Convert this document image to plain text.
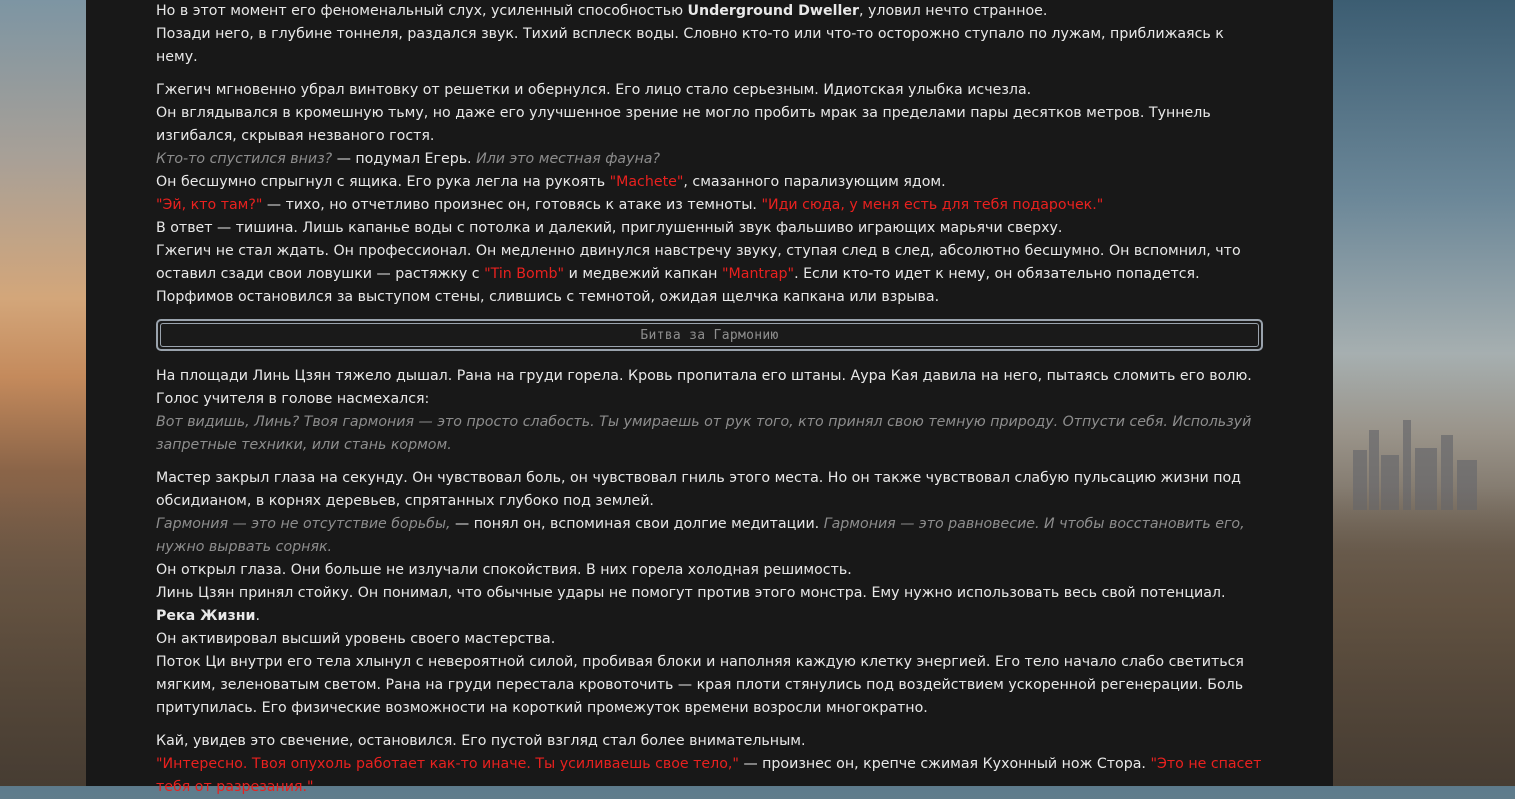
Но в этот момент его феноменальный слух, усиленный способностью Underground Dweller, уловил нечто странное.
Позади него, в глубине тоннеля, раздался звук. Тихий всплеск воды. Словно кто-то или что-то осторожно ступало по лужам, приближаясь к нему.

Гжегич мгновенно убрал винтовку от решетки и обернулся. Его лицо стало серьезным. Идиотская улыбка исчезла.
Он вглядывался в кромешную тьму, но даже его улучшенное зрение не могло пробить мрак за пределами пары десятков метров. Туннель изгибался, скрывая незваного гостя.
Кто-то спустился вниз? — подумал Егерь. Или это местная фауна?
Он бесшумно спрыгнул с ящика. Его рука легла на рукоять "Machete", смазанного парализующим ядом.
"Эй, кто там?" — тихо, но отчетливо произнес он, готовясь к атаке из темноты. "Иди сюда, у меня есть для тебя подарочек."
В ответ — тишина. Лишь капанье воды с потолка и далекий, приглушенный звук фальшиво играющих марьячи сверху.
Гжегич не стал ждать. Он профессионал. Он медленно двинулся навстречу звуку, ступая след в след, абсолютно бесшумно. Он вспомнил, что оставил сзади свои ловушки — растяжку с "Tin Bomb" и медвежий капкан "Mantrap". Если кто-то идет к нему, он обязательно попадется. Порфимов остановился за выступом стены, слившись с темнотой, ожидая щелчка капкана или взрыва.

Битва за Гармонию

На площади Линь Цзян тяжело дышал. Рана на груди горела. Кровь пропитала его штаны. Аура Кая давила на него, пытаясь сломить его волю.
Голос учителя в голове насмехался:
Вот видишь, Линь? Твоя гармония — это просто слабость. Ты умираешь от рук того, кто принял свою темную природу. Отпусти себя. Используй запретные техники, или стань кормом.

Мастер закрыл глаза на секунду. Он чувствовал боль, он чувствовал гниль этого места. Но он также чувствовал слабую пульсацию жизни под обсидианом, в корнях деревьев, спрятанных глубоко под землей.
Гармония — это не отсутствие борьбы, — понял он, вспоминая свои долгие медитации. Гармония — это равновесие. И чтобы восстановить его, нужно вырвать сорняк.
Он открыл глаза. Они больше не излучали спокойствия. В них горела холодная решимость.
Линь Цзян принял стойку. Он понимал, что обычные удары не помогут против этого монстра. Ему нужно использовать весь свой потенциал.
Река Жизни.
Он активировал высший уровень своего мастерства.
Поток Ци внутри его тела хлынул с невероятной силой, пробивая блоки и наполняя каждую клетку энергией. Его тело начало слабо светиться мягким, зеленоватым светом. Рана на груди перестала кровоточить — края плоти стянулись под воздействием ускоренной регенерации. Боль притупилась. Его физические возможности на короткий промежуток времени возросли многократно.

Кай, увидев это свечение, остановился. Его пустой взгляд стал более внимательным.
"Интересно. Твоя опухоль работает как-то иначе. Ты усиливаешь свое тело," — произнес он, крепче сжимая Кухонный нож Стора. "Это не спасет тебя от разрезания."
